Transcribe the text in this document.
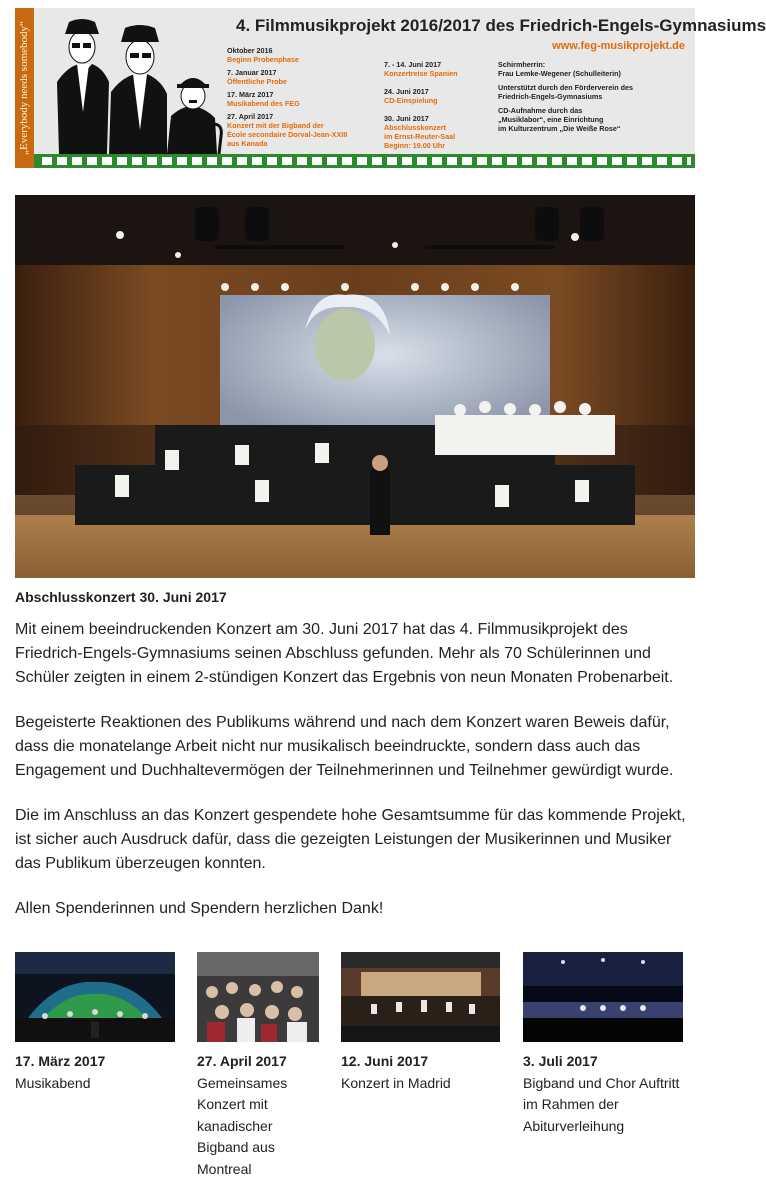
„Everybody needs somebody“	4. Filmmusikprojekt 2016/2017 des Friedrich-Engels-Gymnasiums
www.feg-musikprojekt.de
Oktober 2016
Beginn Probenphase
7. Januar 2017
Öffentliche Probe
17. März 2017
Musikabend des FEG
27. April 2017
Konzert mit der Bigband der
École secondaire Dorval-Jean-XXIII
aus Kanada
7. - 14. Juni 2017
Konzertreise Spanien
24. Juni 2017
CD-Einspielung
30. Juni 2017
Abschlusskonzert
im Ernst-Reuter-Saal
Beginn: 19.00 Uhr
Schirmherrin:
Frau Lemke-Wegener (Schulleiterin)
Unterstützt durch den Förderverein des
Friedrich-Engels-Gymnasiums
CD-Aufnahme durch das
„Musiklabor“, eine Einrichtung
im Kulturzentrum „Die Weiße Rose“
Abschlusskonzert 30. Juni 2017

Mit einem beeindruckenden Konzert am 30. Juni 2017 hat das 4. Filmmusikprojekt des Friedrich-Engels-Gymnasiums seinen Abschluss gefunden. Mehr als 70 Schülerinnen und Schüler zeigten in einem 2-stündigen Konzert das Ergebnis von neun Monaten Probenarbeit.

Begeisterte Reaktionen des Publikums während und nach dem Konzert waren Beweis dafür, dass die monatelange Arbeit nicht nur musikalisch beeindruckte, sondern dass auch das Engagement und Duchhaltevermögen der Teilnehmerinnen und Teilnehmer gewürdigt wurde.

Die im Anschluss an das Konzert gespendete hohe Gesamtsumme für das kommende Projekt, ist sicher auch Ausdruck dafür, dass die gezeigten Leistungen der Musikerinnen und Musiker das Publikum überzeugen konnten.

Allen Spenderinnen und Spendern herzlichen Dank!

17. März 2017
Musikabend
27. April 2017
Gemeinsames Konzert mit kanadischer Bigband aus Montreal
12. Juni 2017
Konzert in Madrid
3. Juli 2017
Bigband und Chor Auftritt im Rahmen der Abiturverleihung
